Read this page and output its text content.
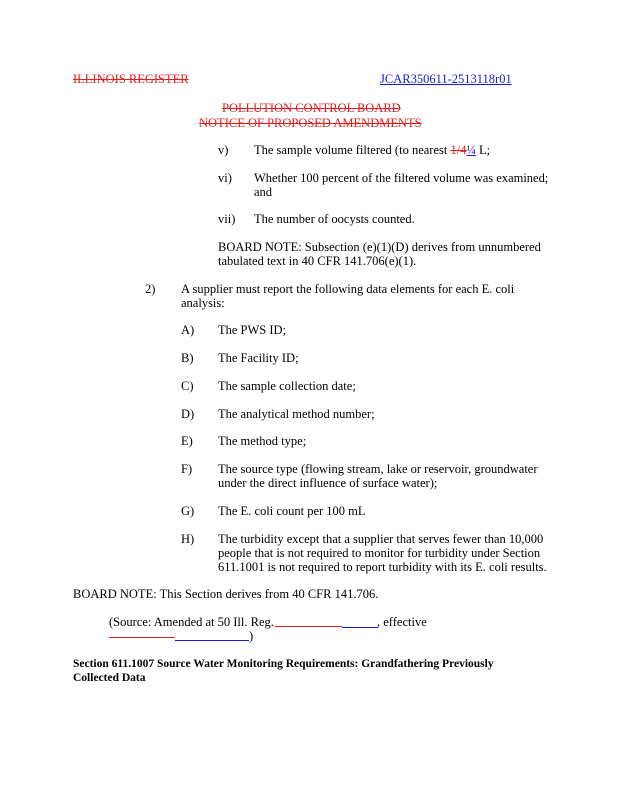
ILLINOIS REGISTER	JCAR350611-2513118r01
POLLUTION CONTROL BOARD
NOTICE OF PROPOSED AMENDMENTS
v) The sample volume filtered (to nearest 1/4¼ L;
vi) Whether 100 percent of the filtered volume was examined;
and
vii) The number of oocysts counted.
BOARD NOTE: Subsection (e)(1)(D) derives from unnumbered
tabulated text in 40 CFR 141.706(e)(1).
2) A supplier must report the following data elements for each E. coli
analysis:
A) The PWS ID;
B) The Facility ID;
C) The sample collection date;
D) The analytical method number;
E) The method type;
F) The source type (flowing stream, lake or reservoir, groundwater
under the direct influence of surface water);
G) The E. coli count per 100 mL
H) The turbidity except that a supplier that serves fewer than 10,000
people that is not required to monitor for turbidity under Section
611.1001 is not required to report turbidity with its E. coli results.
BOARD NOTE: This Section derives from 40 CFR 141.706.
(Source: Amended at 50 Ill. Reg.	, effective
)
Section 611.1007 Source Water Monitoring Requirements: Grandfathering Previously
Collected Data
